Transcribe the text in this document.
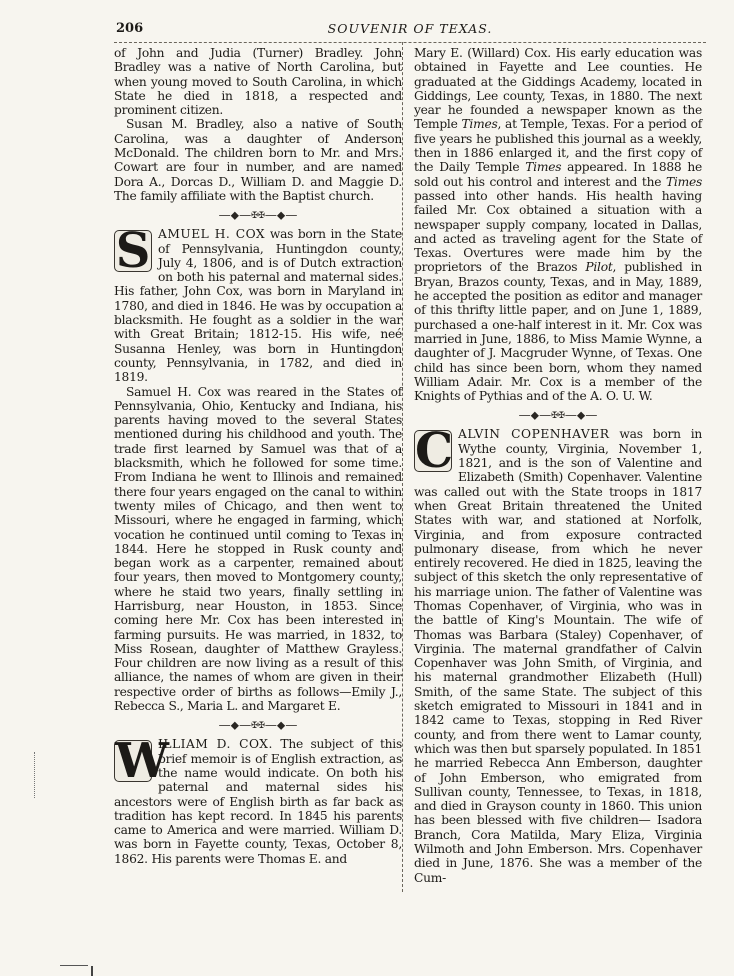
206	SOUVENIR OF TEXAS.

of John and Judia (Turner) Bradley. John Bradley was a native of North Carolina, but when young moved to South Carolina, in which State he died in 1818, a respected and prominent citizen.

Susan M. Bradley, also a native of South Carolina, was a daughter of Anderson McDonald. The children born to Mr. and Mrs. Cowart are four in number, and are named Dora A., Dorcas D., William D. and Maggie D. The family affiliate with the Baptist church.

—⬥—✠✠—⬥—

S AMUEL H. COX was born in the State of Pennsylvania, Huntingdon county, July 4, 1806, and is of Dutch extraction on both his paternal and maternal sides. His father, John Cox, was born in Maryland in 1780, and died in 1846. He was by occupation a blacksmith. He fought as a soldier in the war with Great Britain; 1812-15. His wife, neé Susanna Henley, was born in Huntingdon county, Pennsylvania, in 1782, and died in 1819.

Samuel H. Cox was reared in the States of Pennsylvania, Ohio, Kentucky and Indiana, his parents having moved to the several States mentioned during his childhood and youth. The trade first learned by Samuel was that of a blacksmith, which he followed for some time. From Indiana he went to Illinois and remained there four years engaged on the canal to within twenty miles of Chicago, and then went to Missouri, where he engaged in farming, which vocation he continued until coming to Texas in 1844. Here he stopped in Rusk county and began work as a carpenter, remained about four years, then moved to Montgomery county, where he staid two years, finally settling in Harrisburg, near Houston, in 1853. Since coming here Mr. Cox has been interested in farming pursuits. He was married, in 1832, to Miss Rosean, daughter of Matthew Grayless. Four children are now living as a result of this alliance, the names of whom are given in their respective order of births as follows—Emily J., Rebecca S., Maria L. and Margaret E.

—⬥—✠✠—⬥—

W
ILLIAM D. COX. The subject of this brief memoir is of English extraction, as the name would indicate. On both his paternal and maternal sides his ancestors were of English birth as far back as tradition has kept record. In 1845 his parents came to America and were married. William D. was born in Fayette county, Texas, October 8, 1862. His parents were Thomas E. and

Mary E. (Willard) Cox. His early education was obtained in Fayette and Lee counties. He graduated at the Giddings Academy, located in Giddings, Lee county, Texas, in 1880. The next year he founded a newspaper known as the Temple Times, at Temple, Texas. For a period of five years he published this journal as a weekly, then in 1886 enlarged it, and the first copy of the Daily Temple Times appeared. In 1888 he sold out his control and interest and the Times passed into other hands. His health having failed Mr. Cox obtained a situation with a newspaper supply company, located in Dallas, and acted as traveling agent for the State of Texas. Overtures were made him by the proprietors of the Brazos Pilot, published in Bryan, Brazos county, Texas, and in May, 1889, he accepted the position as editor and manager of this thrifty little paper, and on June 1, 1889, purchased a one-half interest in it. Mr. Cox was married in June, 1886, to Miss Mamie Wynne, a daughter of J. Macgruder Wynne, of Texas. One child has since been born, whom they named William Adair. Mr. Cox is a member of the Knights of Pythias and of the A. O. U. W.

—⬥—✠✠—⬥—

C ALVIN COPENHAVER was born in Wythe county, Virginia, November 1, 1821, and is the son of Valentine and Elizabeth (Smith) Copenhaver. Valentine was called out with the State troops in 1817 when Great Britain threatened the United States with war, and stationed at Norfolk, Virginia, and from exposure contracted pulmonary disease, from which he never entirely recovered. He died in 1825, leaving the subject of this sketch the only representative of his marriage union. The father of Valentine was Thomas Copenhaver, of Virginia, who was in the battle of King's Mountain. The wife of Thomas was Barbara (Staley) Copenhaver, of Virginia. The maternal grandfather of Calvin Copenhaver was John Smith, of Virginia, and his maternal grandmother Elizabeth (Hull) Smith, of the same State. The subject of this sketch emigrated to Missouri in 1841 and in 1842 came to Texas, stopping in Red River county, and from there went to Lamar county, which was then but sparsely populated. In 1851 he married Rebecca Ann Emberson, daughter of John Emberson, who emigrated from Sullivan county, Tennessee, to Texas, in 1818, and died in Grayson county in 1860. This union has been blessed with five children— Isadora Branch, Cora Matilda, Mary Eliza, Virginia Wilmoth and John Emberson. Mrs. Copenhaver died in June, 1876. She was a member of the Cum-
